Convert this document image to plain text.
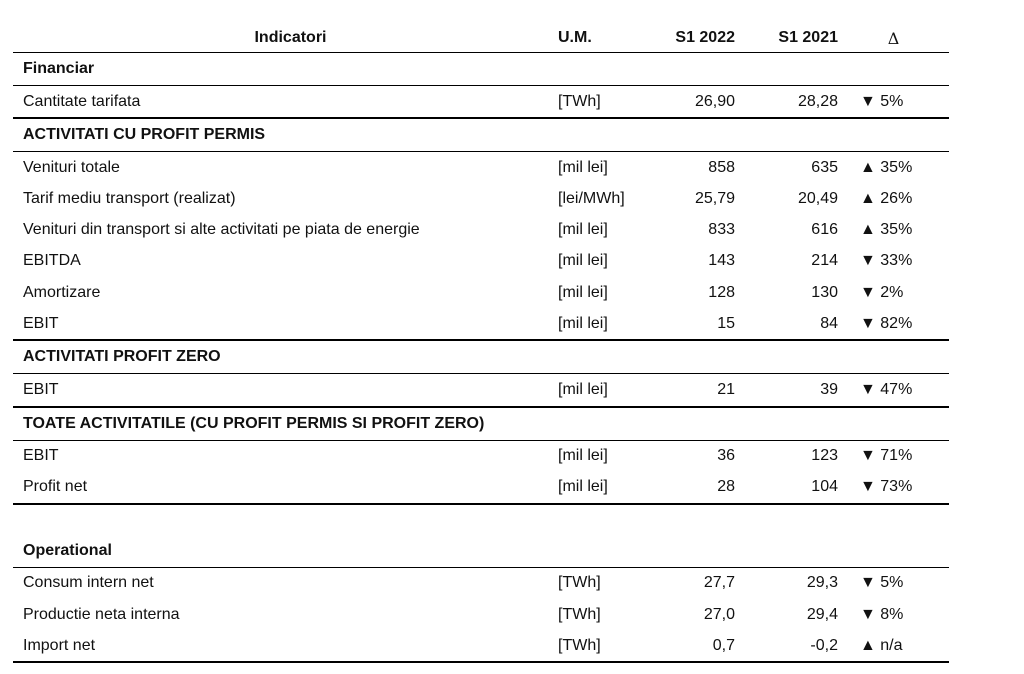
Indicatori	U.M.	S1 2022	S1 2021	Δ
Financiar				
Cantitate tarifata	[TWh]	26,90	28,28	▼ 5%
ACTIVITATI CU PROFIT PERMIS				
Venituri totale	[mil lei]	858	635	▲ 35%
Tarif mediu transport (realizat)	[lei/MWh]	25,79	20,49	▲ 26%
Venituri din transport si alte activitati pe piata de energie	[mil lei]	833	616	▲ 35%
EBITDA	[mil lei]	143	214	▼ 33%
Amortizare	[mil lei]	128	130	▼ 2%
EBIT	[mil lei]	15	84	▼ 82%
ACTIVITATI PROFIT ZERO				
EBIT	[mil lei]	21	39	▼ 47%
TOATE ACTIVITATILE (CU PROFIT PERMIS SI PROFIT ZERO)				
EBIT	[mil lei]	36	123	▼ 71%
Profit net	[mil lei]	28	104	▼ 73%

Operational				
Consum intern net	[TWh]	27,7	29,3	▼ 5%
Productie neta interna	[TWh]	27,0	29,4	▼ 8%
Import net	[TWh]	0,7	-0,2	▲ n/a
